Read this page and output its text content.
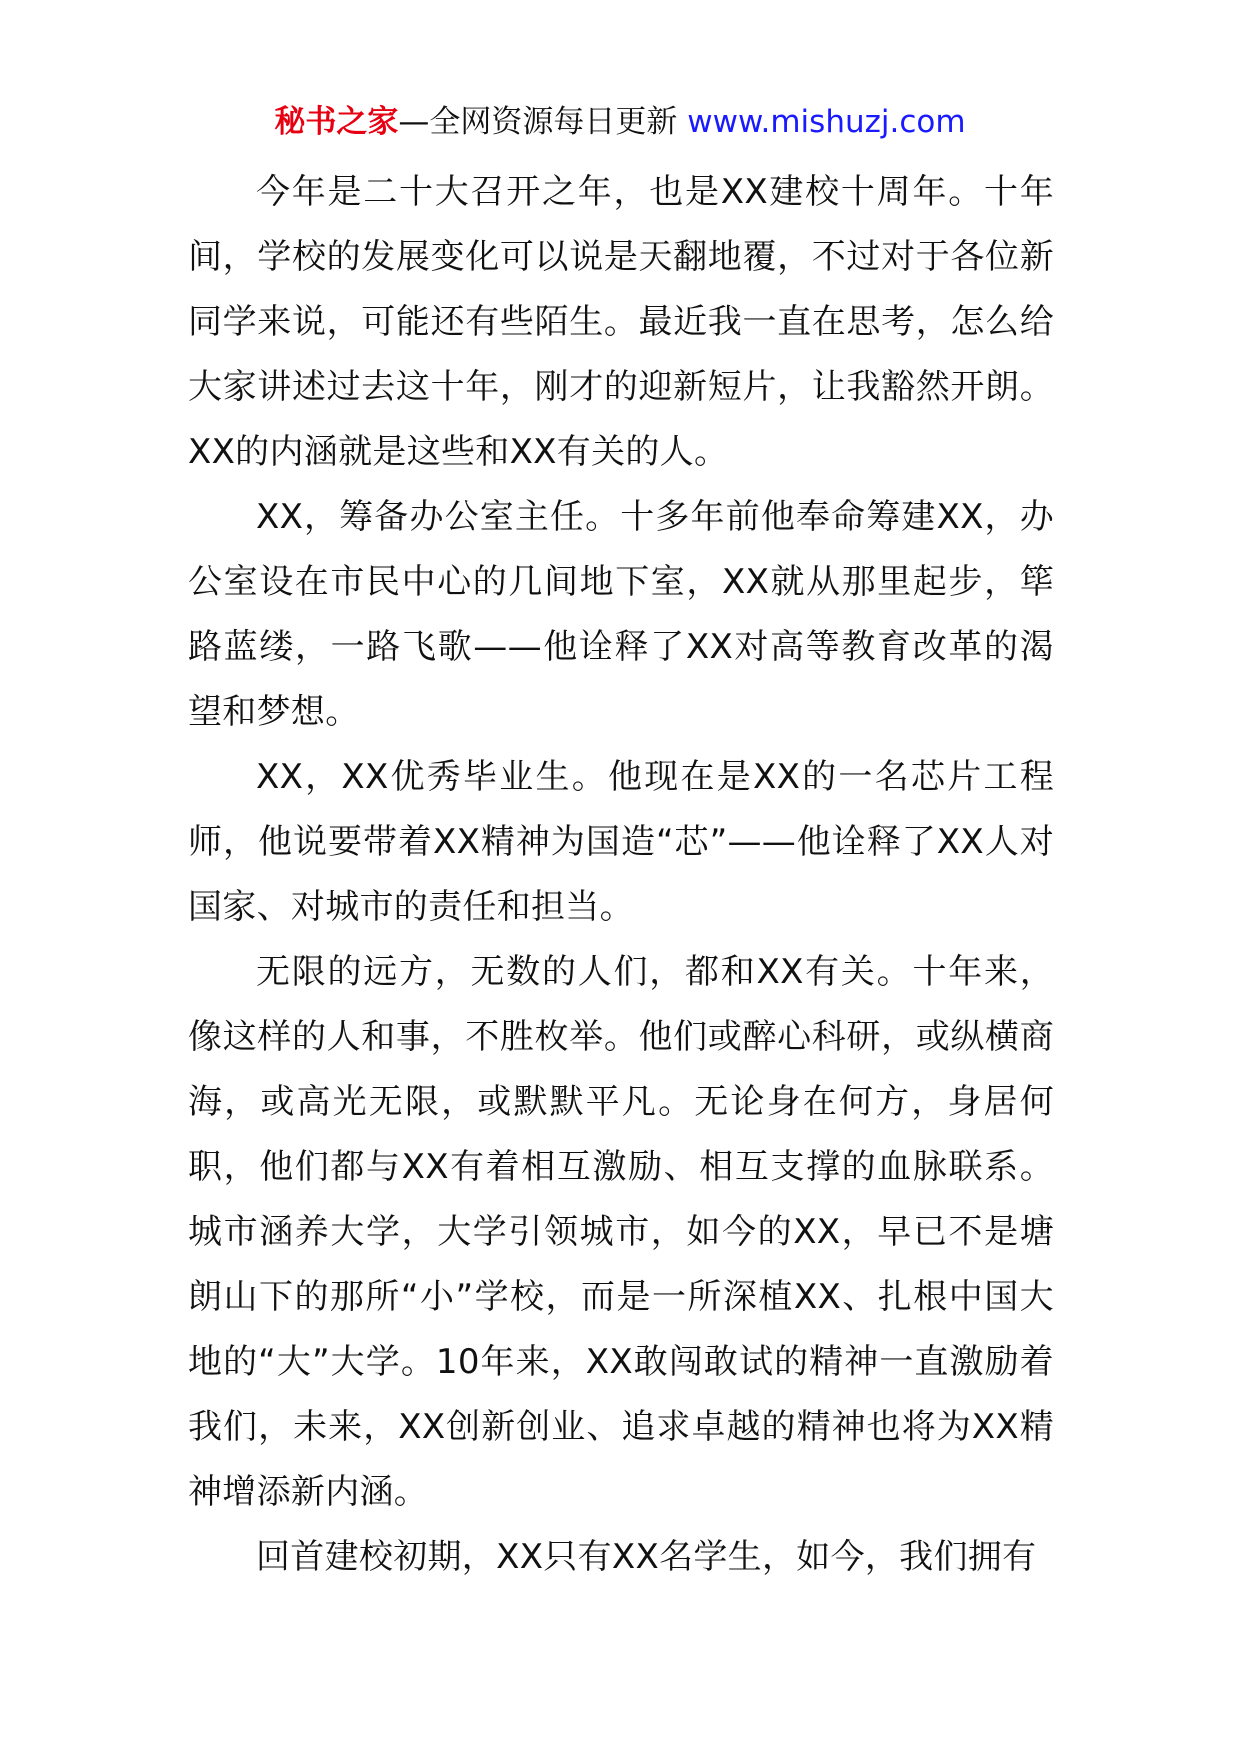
秘书之家—全网资源每日更新 www.mishuzj.com

今年是二十大召开之年，也是XX建校十周年。十年间，学校的发展变化可以说是天翻地覆，不过对于各位新同学来说，可能还有些陌生。最近我一直在思考，怎么给大家讲述过去这十年，刚才的迎新短片，让我豁然开朗。XX的内涵就是这些和XX有关的人。

XX，筹备办公室主任。十多年前他奉命筹建XX，办公室设在市民中心的几间地下室，XX就从那里起步，筚路蓝缕，一路飞歌——他诠释了XX对高等教育改革的渴望和梦想。

XX，XX优秀毕业生。他现在是XX的一名芯片工程师，他说要带着XX精神为国造“芯”——他诠释了XX人对国家、对城市的责任和担当。

无限的远方，无数的人们，都和XX有关。十年来，像这样的人和事，不胜枚举。他们或醉心科研，或纵横商海，或高光无限，或默默平凡。无论身在何方，身居何职，他们都与XX有着相互激励、相互支撑的血脉联系。城市涵养大学，大学引领城市，如今的XX，早已不是塘朗山下的那所“小”学校，而是一所深植XX、扎根中国大地的“大”大学。10年来，XX敢闯敢试的精神一直激励着我们，未来，XX创新创业、追求卓越的精神也将为XX精神增添新内涵。

回首建校初期，XX只有XX名学生，如今，我们拥有
